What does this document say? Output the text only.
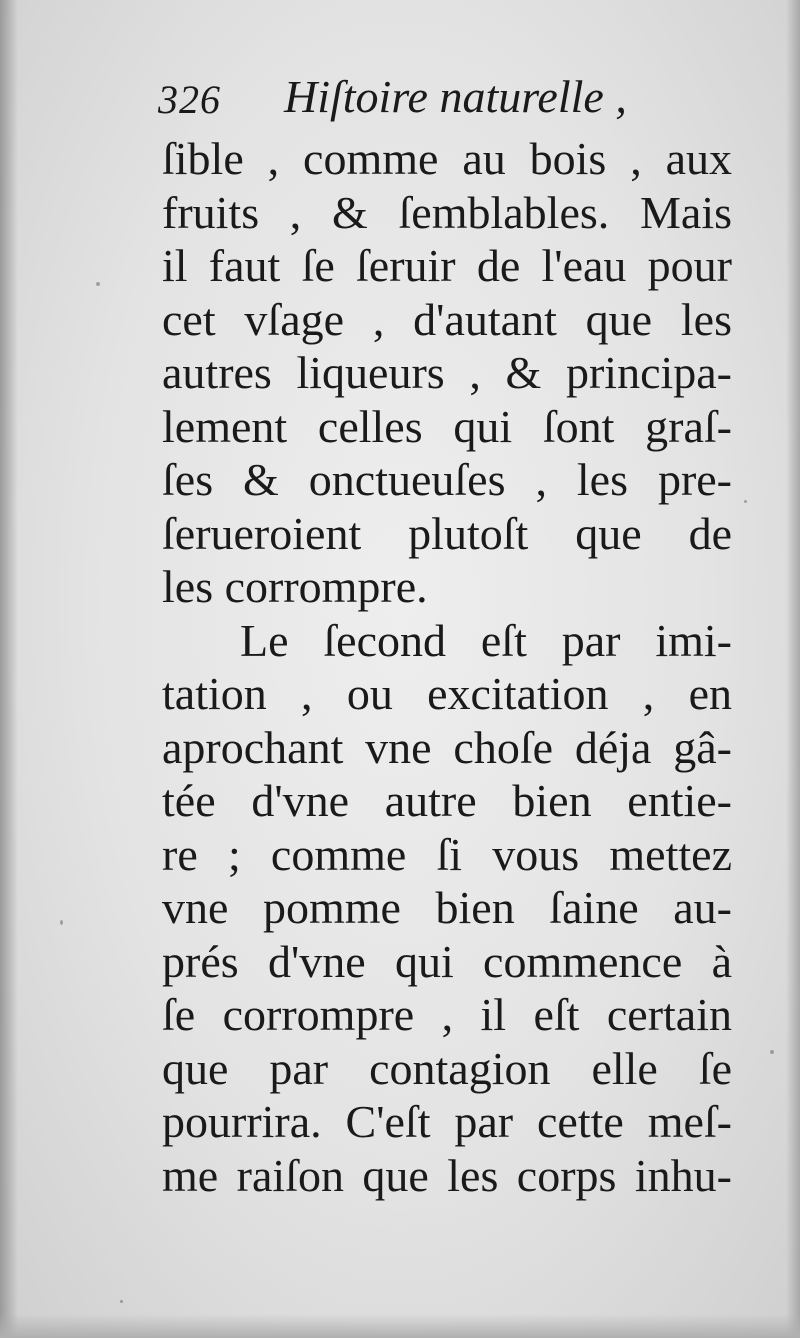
326 Hiſtoire naturelle ,
ſible , comme au bois , aux
fruits , & ſemblables. Mais
il faut ſe ſeruir de l'eau pour
cet vſage , d'autant que les
autres liqueurs , & principa-
lement celles qui ſont graſ-
ſes & onctueuſes , les pre-
ſerueroient plutoſt que de
les corrompre.
Le ſecond eſt par imi-
tation , ou excitation , en
aprochant vne choſe déja gâ-
tée d'vne autre bien entie-
re ; comme ſi vous mettez
vne pomme bien ſaine au-
prés d'vne qui commence à
ſe corrompre , il eſt certain
que par contagion elle ſe
pourrira. C'eſt par cette meſ-
me raiſon que les corps inhu-
